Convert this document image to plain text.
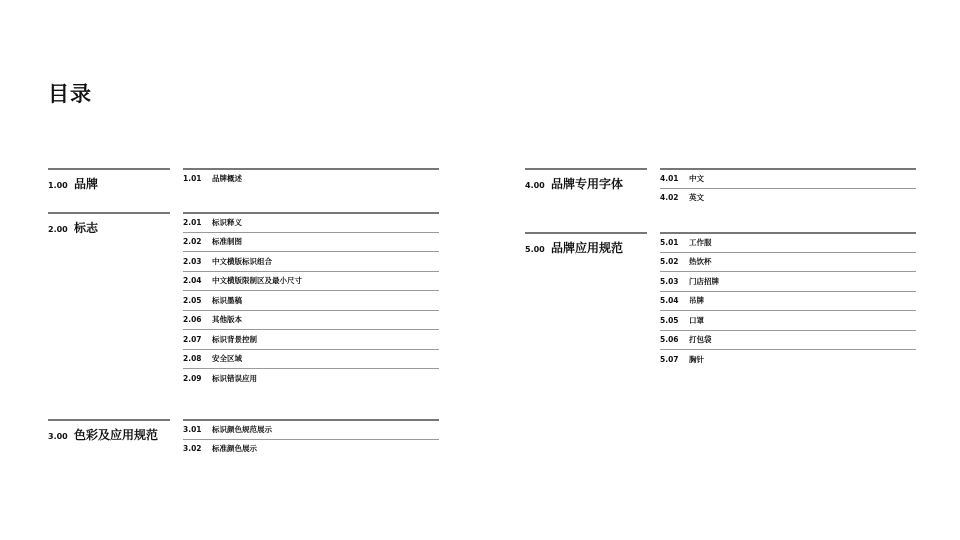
目录
1.00 品牌	1.01	品牌概述
2.00 标志	2.01	标识释义
2.02	标准制图
2.03	中文横版标识组合
2.04	中文横版限制区及最小尺寸
2.05	标识墨稿
2.06	其他版本
2.07	标识背景控制
2.08	安全区域
2.09	标识错误应用
3.00 色彩及应用规范	3.01	标识颜色规范展示
3.02	标准颜色展示
4.00 品牌专用字体	4.01	中文
4.02	英文
5.00 品牌应用规范	5.01	工作服
5.02	热饮杯
5.03	门店招牌
5.04	吊牌
5.05	口罩
5.06	打包袋
5.07	胸针
